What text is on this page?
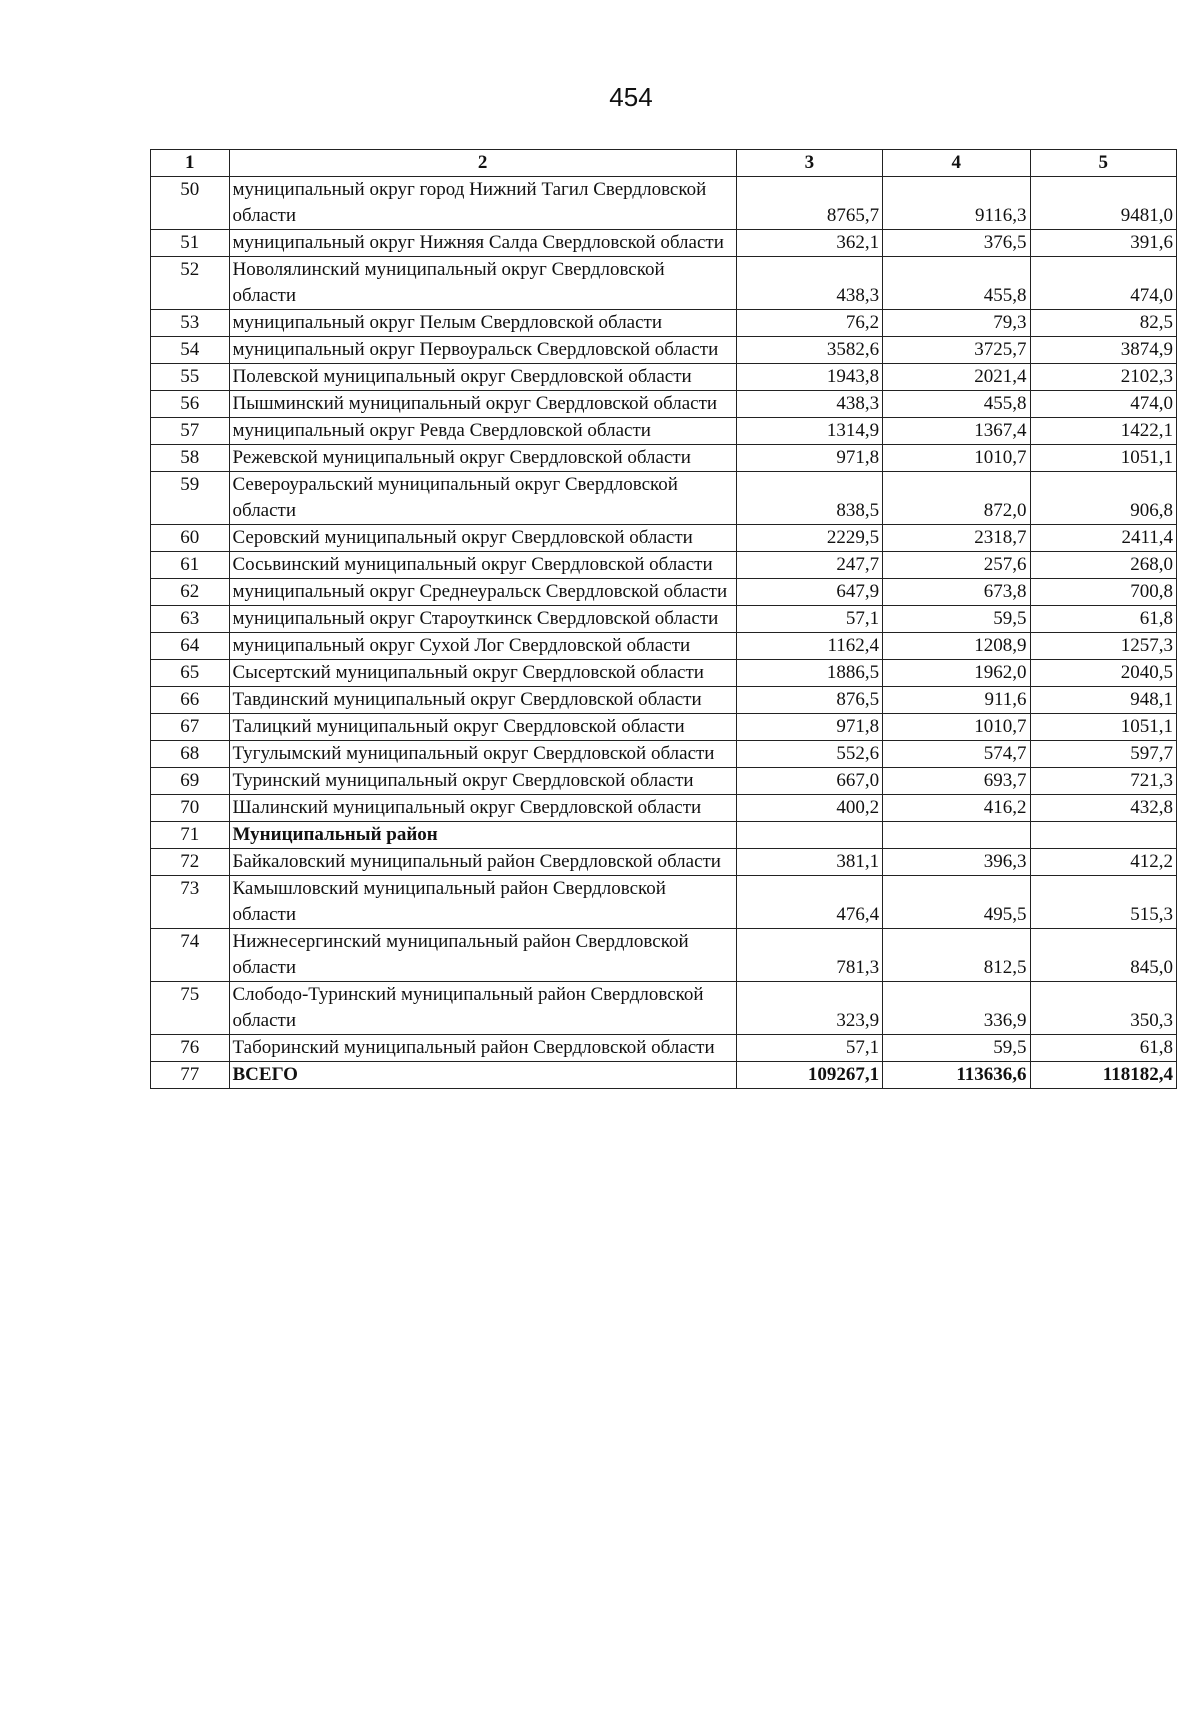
454
1	2	3	4	5
50	муниципальный округ город Нижний Тагил Свердловской области	8765,7	9116,3	9481,0
51	муниципальный округ Нижняя Салда Свердловской области	362,1	376,5	391,6
52	Новолялинский муниципальный округ Свердловской области	438,3	455,8	474,0
53	муниципальный округ Пелым Свердловской области	76,2	79,3	82,5
54	муниципальный округ Первоуральск Свердловской области	3582,6	3725,7	3874,9
55	Полевской муниципальный округ Свердловской области	1943,8	2021,4	2102,3
56	Пышминский муниципальный округ Свердловской области	438,3	455,8	474,0
57	муниципальный округ Ревда Свердловской области	1314,9	1367,4	1422,1
58	Режевской муниципальный округ Свердловской области	971,8	1010,7	1051,1
59	Североуральский муниципальный округ Свердловской области	838,5	872,0	906,8
60	Серовский муниципальный округ Свердловской области	2229,5	2318,7	2411,4
61	Сосьвинский муниципальный округ Свердловской области	247,7	257,6	268,0
62	муниципальный округ Среднеуральск Свердловской области	647,9	673,8	700,8
63	муниципальный округ Староуткинск Свердловской области	57,1	59,5	61,8
64	муниципальный округ Сухой Лог Свердловской области	1162,4	1208,9	1257,3
65	Сысертский муниципальный округ Свердловской области	1886,5	1962,0	2040,5
66	Тавдинский муниципальный округ Свердловской области	876,5	911,6	948,1
67	Талицкий муниципальный округ Свердловской области	971,8	1010,7	1051,1
68	Тугулымский муниципальный округ Свердловской области	552,6	574,7	597,7
69	Туринский муниципальный округ Свердловской области	667,0	693,7	721,3
70	Шалинский муниципальный округ Свердловской области	400,2	416,2	432,8
71	Муниципальный район			
72	Байкаловский муниципальный район Свердловской области	381,1	396,3	412,2
73	Камышловский муниципальный район Свердловской области	476,4	495,5	515,3
74	Нижнесергинский муниципальный район Свердловской области	781,3	812,5	845,0
75	Слободо-Туринский муниципальный район Свердловской области	323,9	336,9	350,3
76	Таборинский муниципальный район Свердловской области	57,1	59,5	61,8
77	ВСЕГО	109267,1	113636,6	118182,4
